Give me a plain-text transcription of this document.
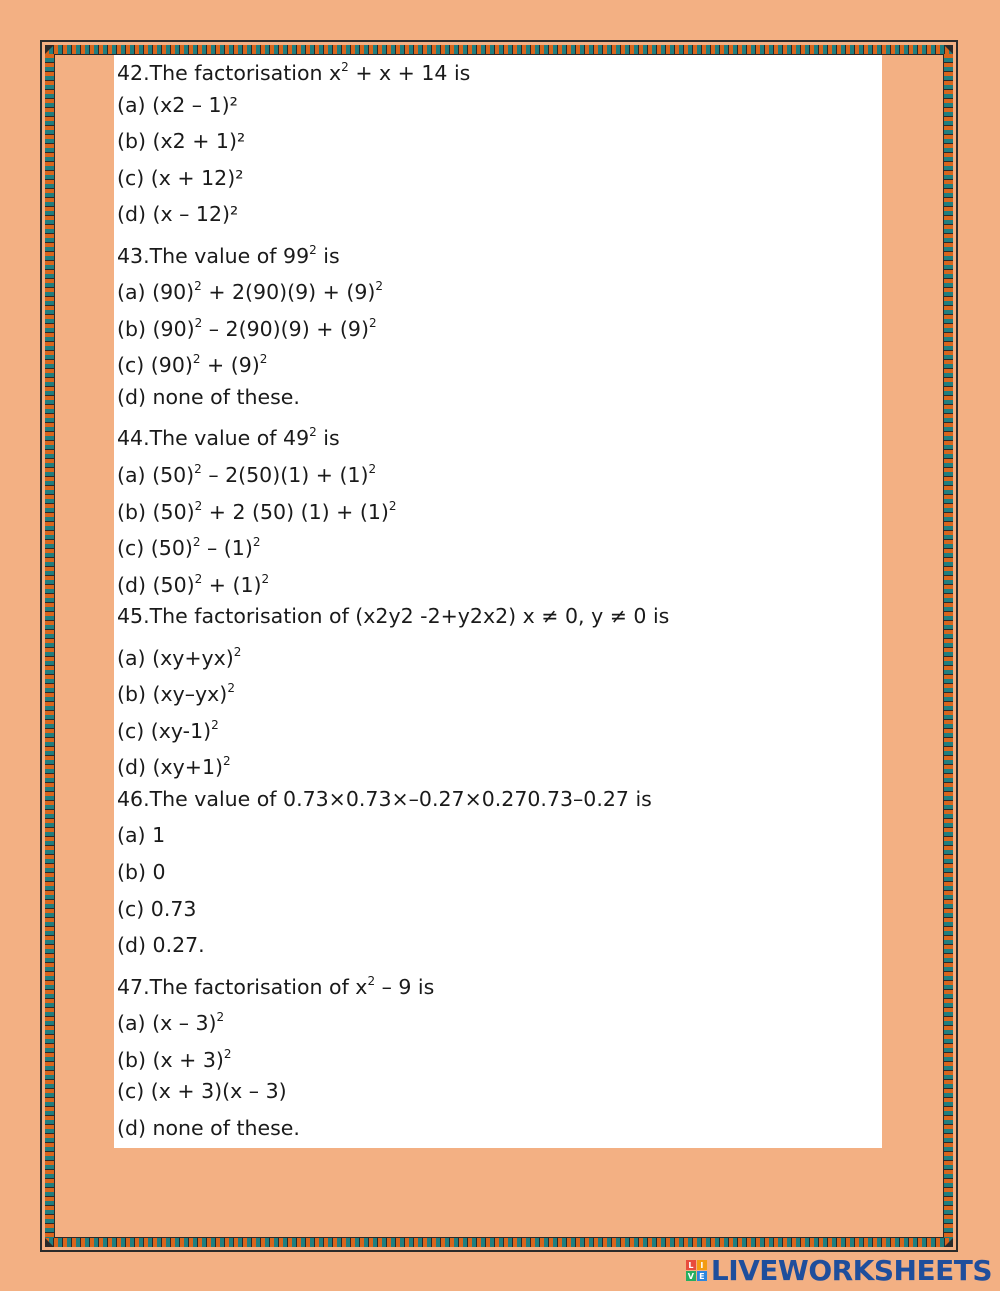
42.The factorisation $x^2 + x + 14$ is
(a) (x2 – 1)²
(b) (x2 + 1)²
(c) (x + 12)²
(d) (x – 12)²
43.The value of $99^2$ is
(a) $(90)^2 + 2(90)(9) + (9)^2$
(b) $(90)^2 - 2(90)(9) + (9)^2$
(c) $(90)^2 + (9)^2$
(d) none of these.
44.The value of $49^2$ is
(a) $(50)^2 - 2(50)(1) + (1)^2$
(b) $(50)^2 + 2$ (50) $(1) + (1)^2$
(c) $(50)^2 - (1)^2$
(d) $(50)^2 + (1)^2$
45.The factorisation of (x2y2 -2+y2x2) x ≠ 0, y ≠ 0 is
(a) $(xy+yx)^2$
(b) $(xy-yx)^2$
(c) $(xy-1)^2$
(d) $(xy+1)^2$
46.The value of 0.73×0.73×–0.27×0.270.73–0.27 is
(a) 1
(b) 0
(c) 0.73
(d) 0.27.
47.The factorisation of $x^2 - 9$ is
(a) (x – 3)$^2$
(b) $(x + 3)^2$
(c) (x + 3)(x – 3)
(d) none of these.
L I
V E LIVEWORKSHEETS
